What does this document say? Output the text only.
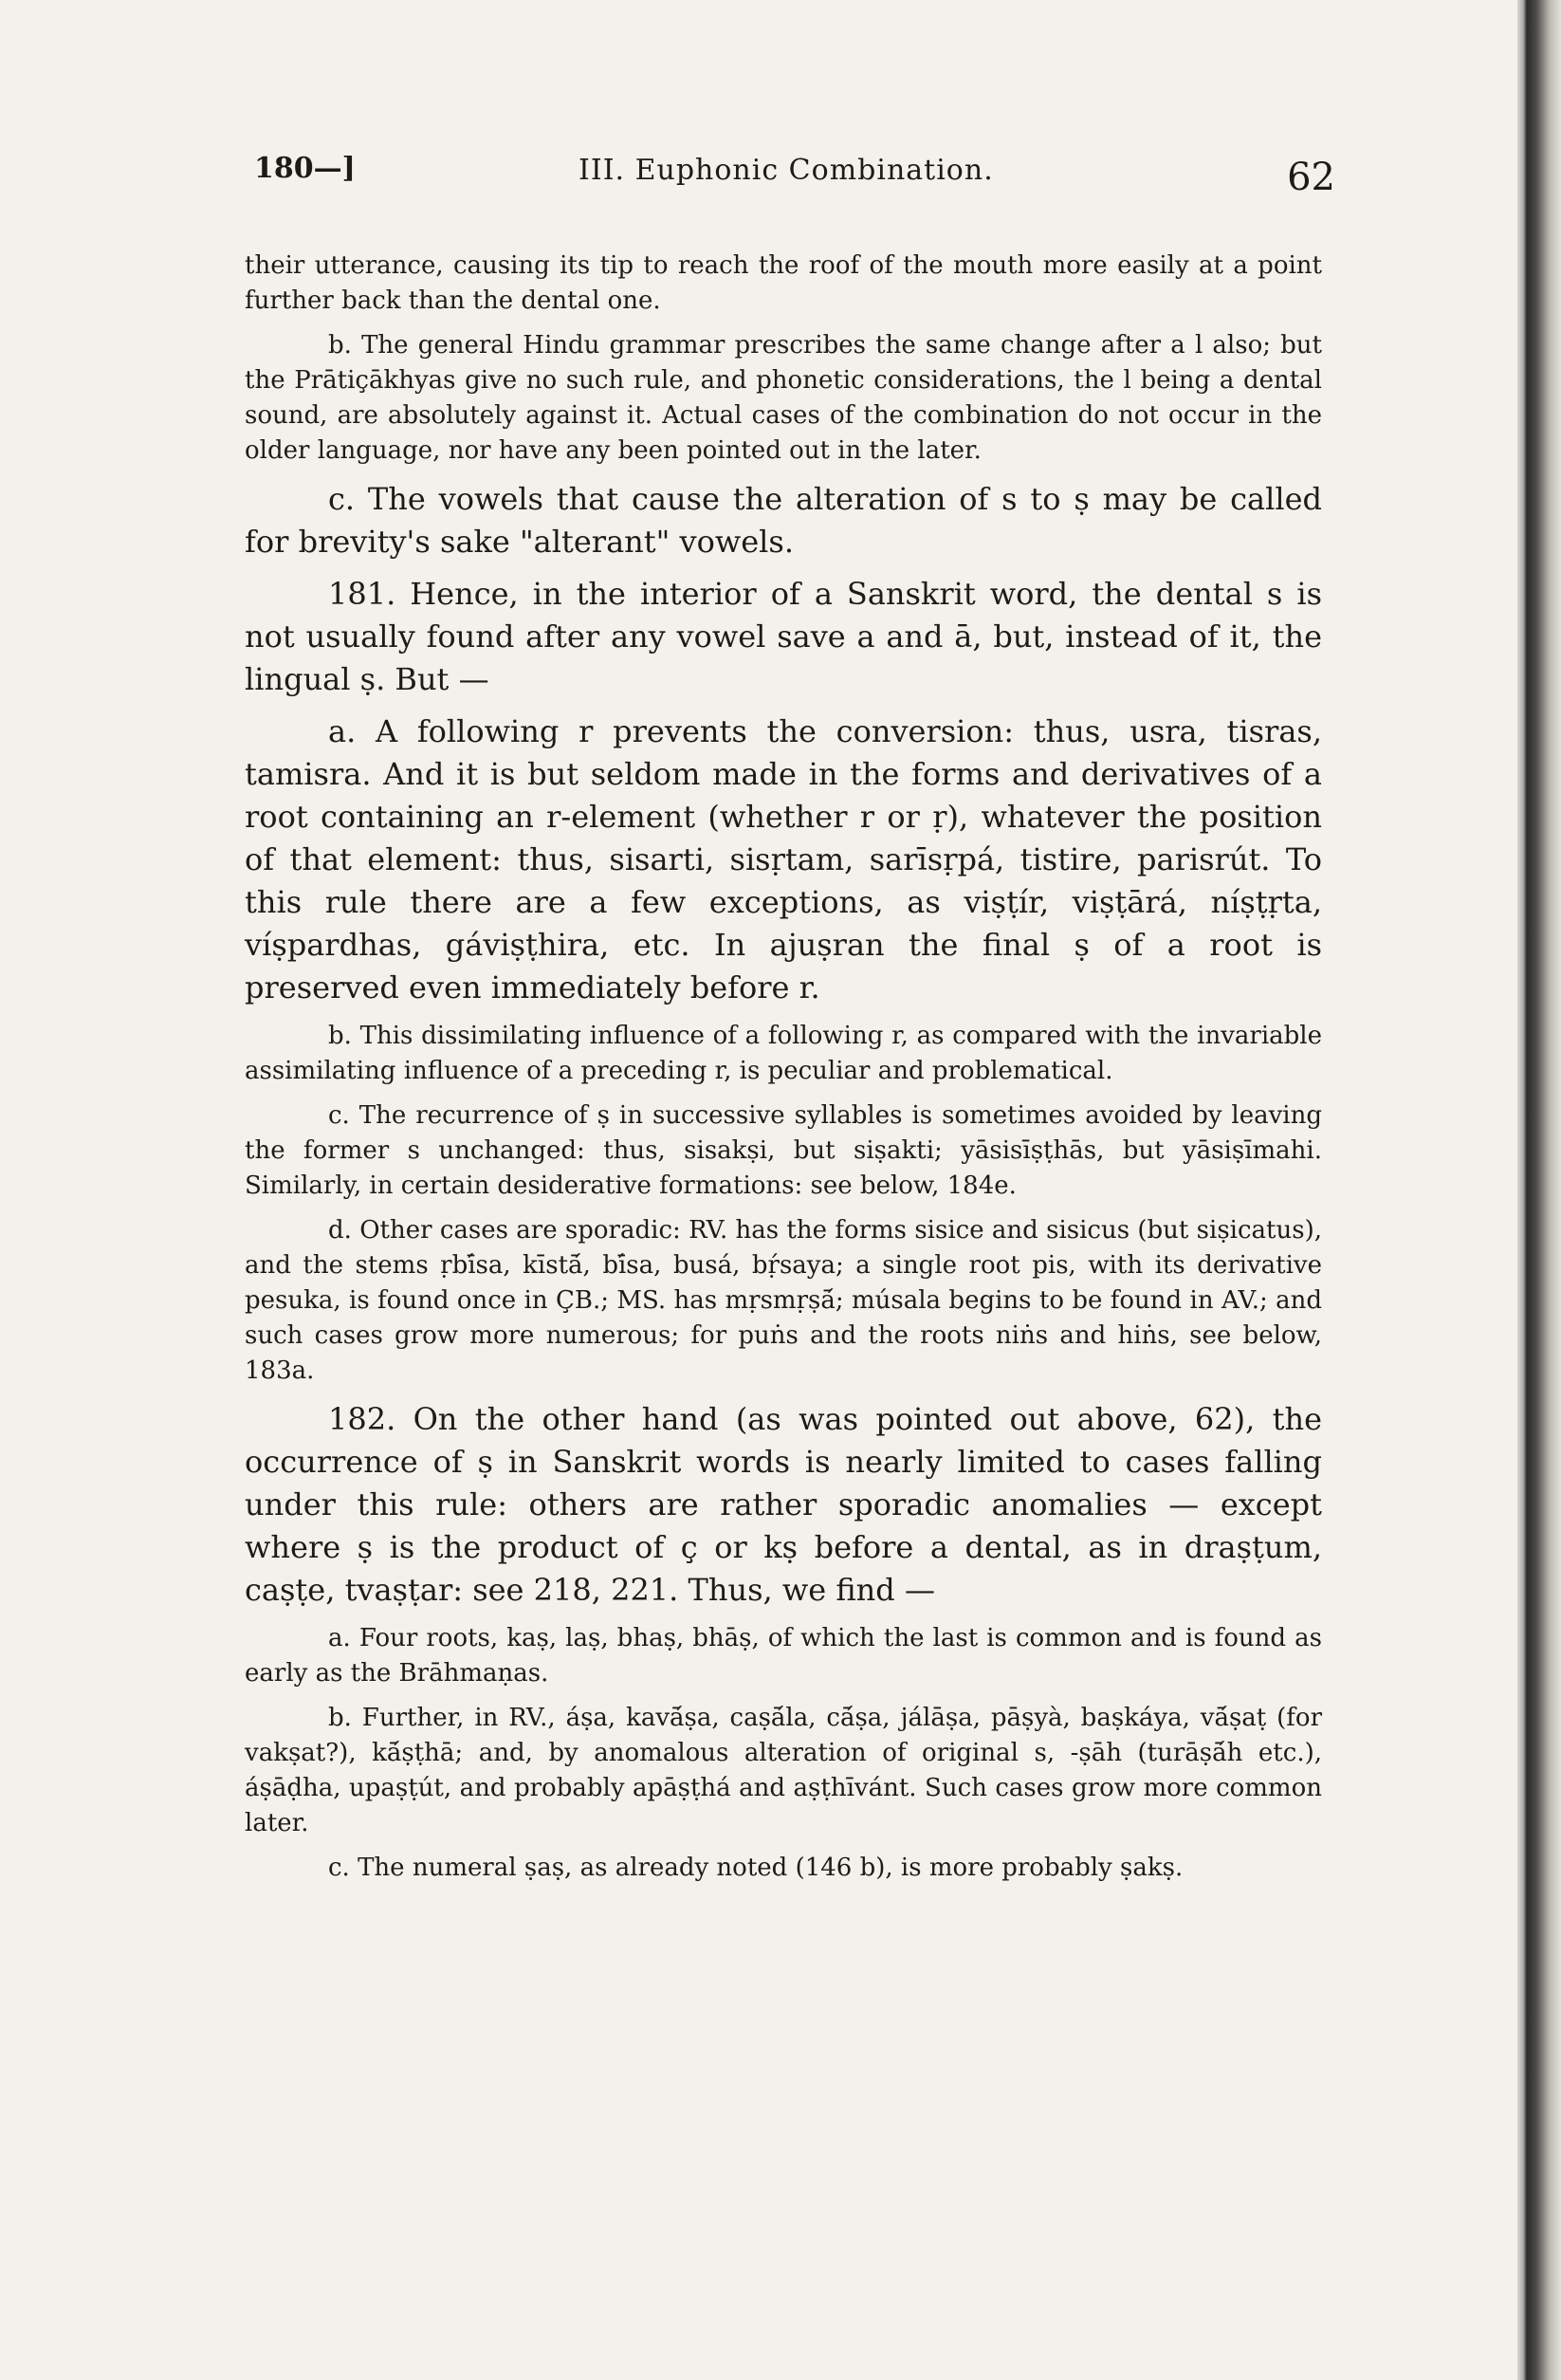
180—]	III. Euphonic Combination.	62

their utterance, causing its tip to reach the roof of the mouth more easily at a point further back than the dental one.

b. The general Hindu grammar prescribes the same change after a l also; but the Prātiçākhyas give no such rule, and phonetic considerations, the l being a dental sound, are absolutely against it. Actual cases of the combination do not occur in the older language, nor have any been pointed out in the later.

c. The vowels that cause the alteration of s to ṣ may be called for brevity's sake "alterant" vowels.

181. Hence, in the interior of a Sanskrit word, the dental s is not usually found after any vowel save a and ā, but, instead of it, the lingual ṣ. But —

a. A following r prevents the conversion: thus, usra, tisras, tamisra. And it is but seldom made in the forms and derivatives of a root containing an r-element (whether r or ṛ), whatever the position of that element: thus, sisarti, sisṛtam, sarīsṛpá, tistire, parisrút. To this rule there are a few exceptions, as viṣṭír, viṣṭārá, níṣṭṛta, víṣpardhas, gáviṣṭhira, etc. In ajuṣran the final ṣ of a root is preserved even immediately before r.

b. This dissimilating influence of a following r, as compared with the invariable assimilating influence of a preceding r, is peculiar and problematical.

c. The recurrence of ṣ in successive syllables is sometimes avoided by leaving the former s unchanged: thus, sisakṣi, but siṣakti; yāsisīṣṭhās, but yāsiṣīmahi. Similarly, in certain desiderative formations: see below, 184e.

d. Other cases are sporadic: RV. has the forms sisice and sisicus (but siṣicatus), and the stems ṛbī́sa, kīstā́, bī́sa, busá, bṛ́saya; a single root pis, with its derivative pesuka, is found once in ÇB.; MS. has mṛsmṛṣā́; músala begins to be found in AV.; and such cases grow more numerous; for puṅs and the roots niṅs and hiṅs, see below, 183a.

182. On the other hand (as was pointed out above, 62), the occurrence of ṣ in Sanskrit words is nearly limited to cases falling under this rule: others are rather sporadic anomalies — except where ṣ is the product of ç or kṣ before a dental, as in draṣṭum, caṣṭe, tvaṣṭar: see 218, 221. Thus, we find —

a. Four roots, kaṣ, laṣ, bhaṣ, bhāṣ, of which the last is common and is found as early as the Brāhmaṇas.

b. Further, in RV., áṣa, kavā́ṣa, caṣā́la, cā́ṣa, jálāṣa, pāṣyà, baṣkáya, vā́ṣaṭ (for vakṣat?), kā́ṣṭhā; and, by anomalous alteration of original s, -ṣāh (turāṣā́h etc.), áṣāḍha, upaṣṭút, and probably apāṣṭhá and aṣṭhīvánt. Such cases grow more common later.

c. The numeral ṣaṣ, as already noted (146 b), is more probably ṣakṣ.
